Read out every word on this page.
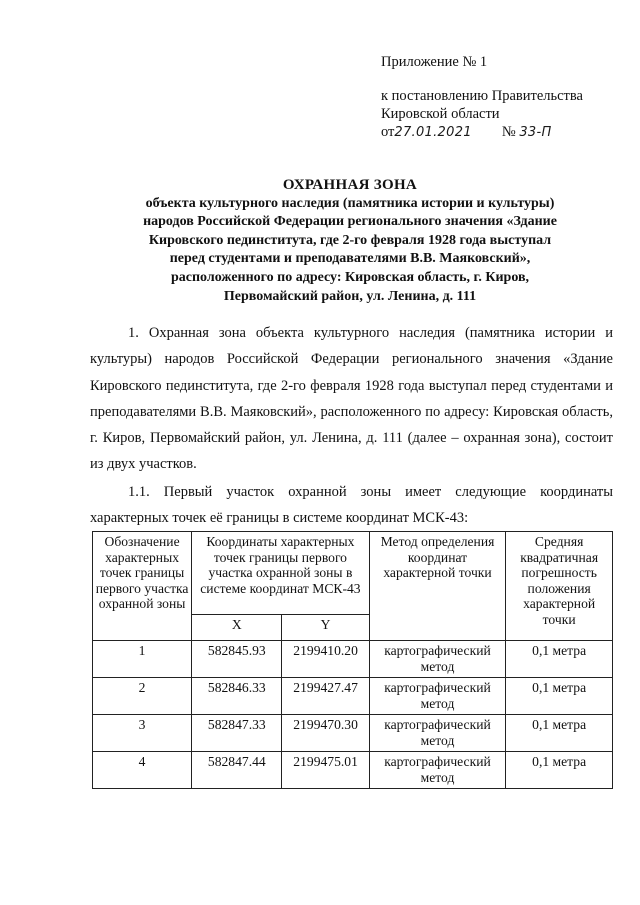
Приложение № 1
к постановлению Правительства
Кировской области
от27.01.2021 № 33-П
ОХРАННАЯ ЗОНА
объекта культурного наследия (памятника истории и культуры)
народов Российской Федерации регионального значения «Здание
Кировского пединститута, где 2-го февраля 1928 года выступал
перед студентами и преподавателями В.В. Маяковский»,
расположенного по адресу: Кировская область, г. Киров,
Первомайский район, ул. Ленина, д. 111
1. Охранная зона объекта культурного наследия (памятника истории и культуры) народов Российской Федерации регионального значения «Здание Кировского пединститута, где 2-го февраля 1928 года выступал перед студентами и преподавателями В.В. Маяковский», расположенного по адресу: Кировская область, г. Киров, Первомайский район, ул. Ленина, д. 111 (далее – охранная зона), состоит из двух участков.
1.1. Первый участок охранной зоны имеет следующие координаты характерных точек её границы в системе координат МСК-43:
Обозначение характерных точек границы первого участка охранной зоны	Координаты характерных точек границы первого участка охранной зоны в системе координат МСК-43		Метод определения координат характерной точки	Средняя квадратичная погрешность положения характерной точки
	X	Y		
1	582845.93	2199410.20	картографический метод	0,1 метра
2	582846.33	2199427.47	картографический метод	0,1 метра
3	582847.33	2199470.30	картографический метод	0,1 метра
4	582847.44	2199475.01	картографический метод	0,1 метра
